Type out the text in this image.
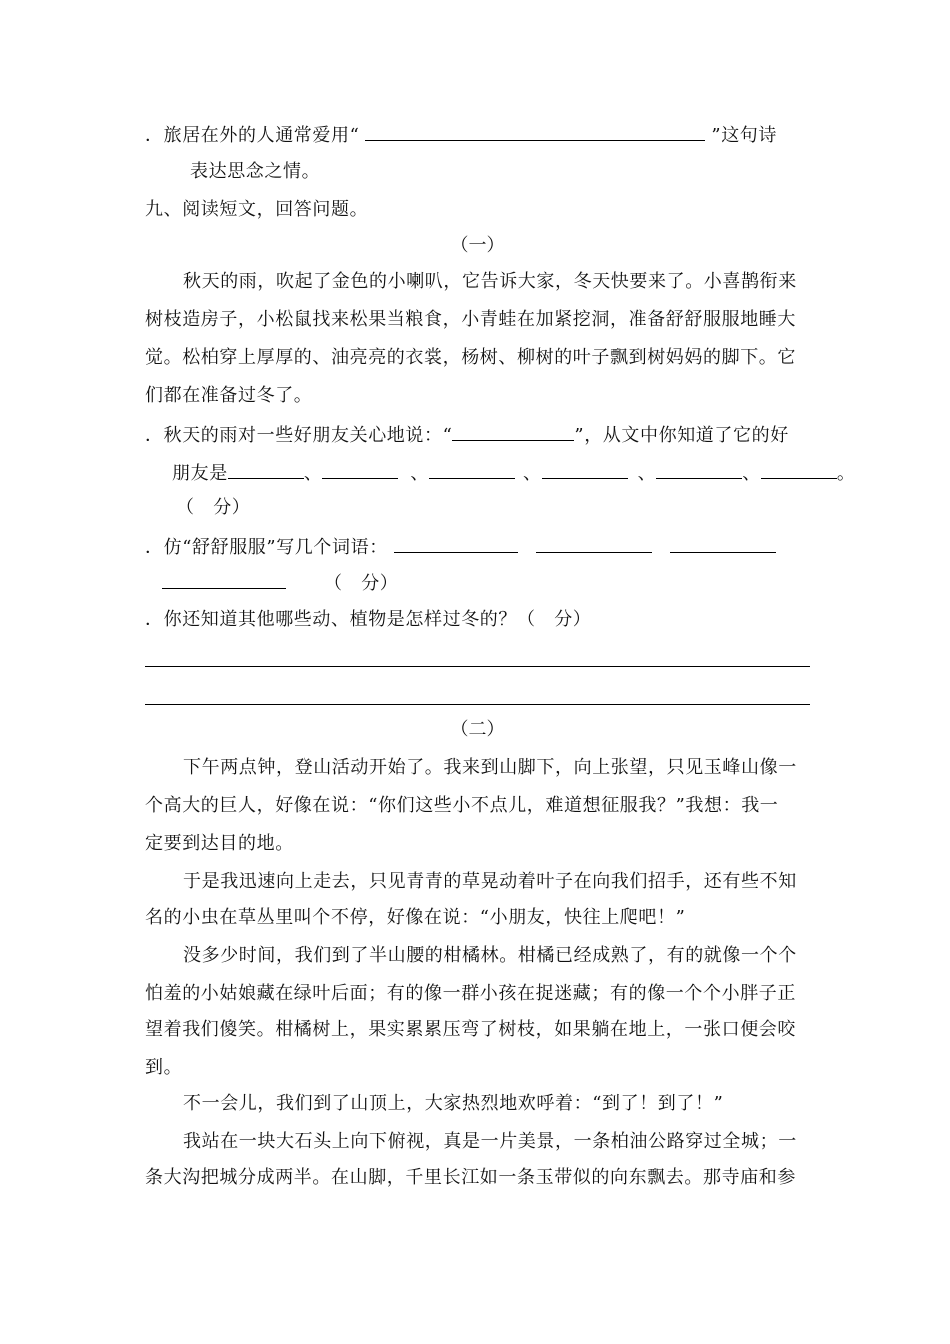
．旅居在外的人通常爱用“	”这句诗
表达思念之情。
九、阅读短文，回答问题。
（一）
秋天的雨，吹起了金色的小喇叭，它告诉大家，冬天快要来了。小喜鹊衔来
树枝造房子，小松鼠找来松果当粮食，小青蛙在加紧挖洞，准备舒舒服服地睡大
觉。松柏穿上厚厚的、油亮亮的衣裳，杨树、柳树的叶子飘到树妈妈的脚下。它
们都在准备过冬了。
．秋天的雨对一些好朋友关心地说：“	”，从文中你知道了它的好
朋友是	、	、	、	、	、	。
（　分）
．仿“舒舒服服”写几个词语：
（　分）
．你还知道其他哪些动、植物是怎样过冬的？（　分）
（二）
下午两点钟，登山活动开始了。我来到山脚下，向上张望，只见玉峰山像一
个高大的巨人，好像在说：“你们这些小不点儿，难道想征服我？”我想：我一
定要到达目的地。
于是我迅速向上走去，只见青青的草晃动着叶子在向我们招手，还有些不知
名的小虫在草丛里叫个不停，好像在说：“小朋友，快往上爬吧！”
没多少时间，我们到了半山腰的柑橘林。柑橘已经成熟了，有的就像一个个
怕羞的小姑娘藏在绿叶后面；有的像一群小孩在捉迷藏；有的像一个个小胖子正
望着我们傻笑。柑橘树上，果实累累压弯了树枝，如果躺在地上，一张口便会咬
到。
不一会儿，我们到了山顶上，大家热烈地欢呼着：“到了！到了！”
我站在一块大石头上向下俯视，真是一片美景，一条柏油公路穿过全城；一
条大沟把城分成两半。在山脚，千里长江如一条玉带似的向东飘去。那寺庙和参
